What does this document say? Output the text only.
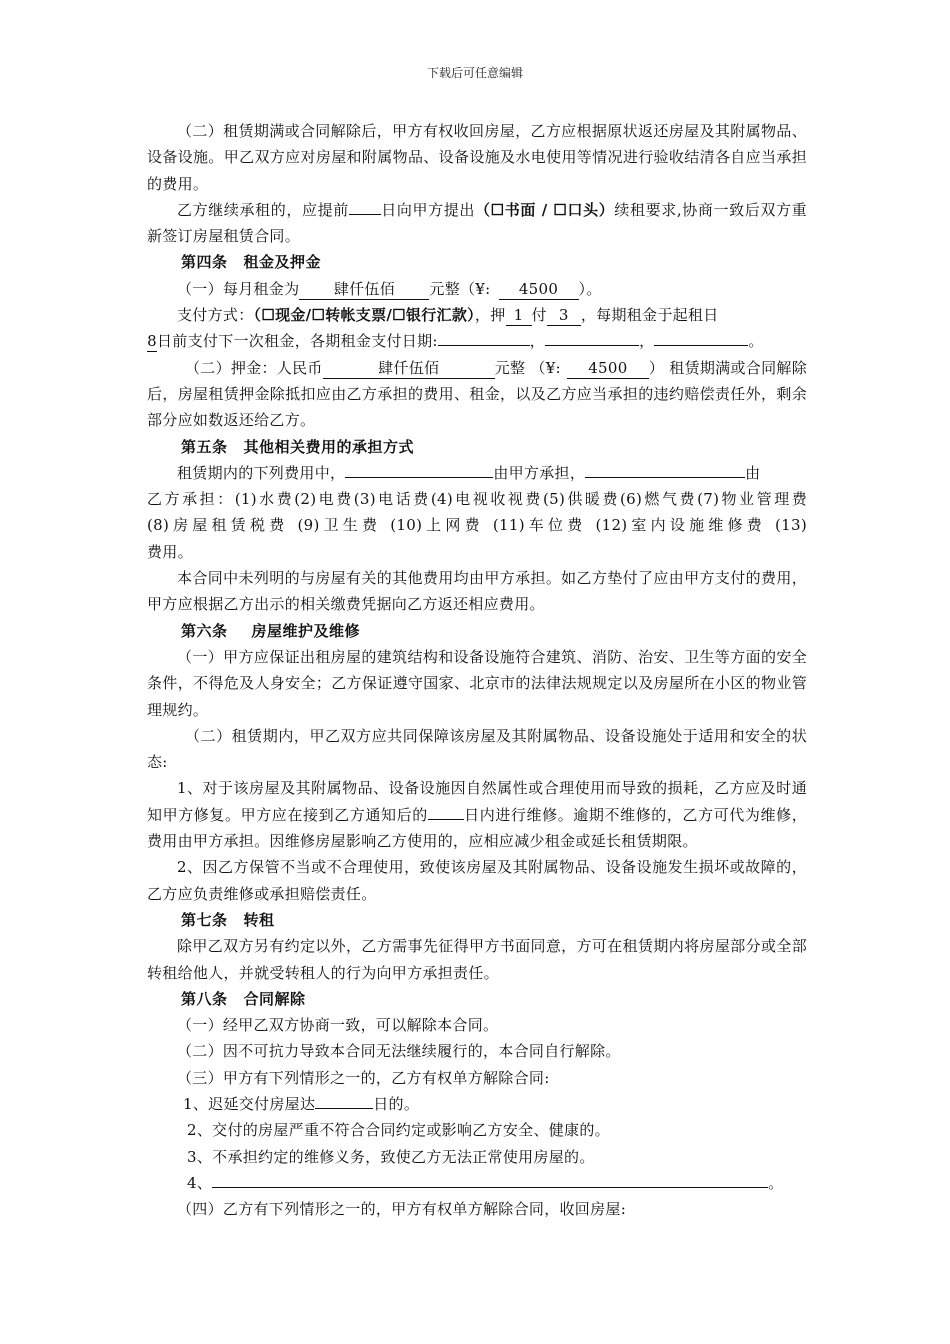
下载后可任意编辑

（二）租赁期满或合同解除后，甲方有权收回房屋，乙方应根据原状返还房屋及其附属物品、设备设施。甲乙双方应对房屋和附属物品、设备设施及水电使用等情况进行验收结清各自应当承担的费用。

乙方继续承租的，应提前 日向甲方提出（☐书面 / ☐口头）续租要求,协商一致后双方重新签订房屋租赁合同。

第四条 租金及押金

（一）每月租金为 肆仟伍佰 元整（¥: 4500 ）。

支付方式：（☐现金/☐转帐支票/☐银行汇款），押 1 付 3 ，每期租金于起租日
8日前支付下一次租金，各期租金支付日期:	，	，	。

（二）押金：人民币	肆仟伍佰	元整 （¥: 4500 ） 租赁期满或合同解除后，房屋租赁押金除抵扣应由乙方承担的费用、租金，以及乙方应当承担的违约赔偿责任外，剩余部分应如数返还给乙方。

第五条 其他相关费用的承担方式

租赁期内的下列费用中，	由甲方承担，	由

乙方承担：(1)水费(2)电费(3)电话费(4)电视收视费(5)供暖费(6)燃气费(7)物业管理费

(8)房屋租赁税费 (9)卫生费 (10)上网费 (11)车位费 (12)室内设施维修费 (13)

费用。

本合同中未列明的与房屋有关的其他费用均由甲方承担。如乙方垫付了应由甲方支付的费用，甲方应根据乙方出示的相关缴费凭据向乙方返还相应费用。

第六条 房屋维护及维修

（一）甲方应保证出租房屋的建筑结构和设备设施符合建筑、消防、治安、卫生等方面的安全条件，不得危及人身安全；乙方保证遵守国家、北京市的法律法规规定以及房屋所在小区的物业管理规约。

（二）租赁期内，甲乙双方应共同保障该房屋及其附属物品、设备设施处于适用和安全的状态:

1、对于该房屋及其附属物品、设备设施因自然属性或合理使用而导致的损耗，乙方应及时通知甲方修复。甲方应在接到乙方通知后的 日内进行维修。逾期不维修的，乙方可代为维修，费用由甲方承担。因维修房屋影响乙方使用的，应相应减少租金或延长租赁期限。

2、因乙方保管不当或不合理使用，致使该房屋及其附属物品、设备设施发生损坏或故障的，乙方应负责维修或承担赔偿责任。

第七条 转租

除甲乙双方另有约定以外，乙方需事先征得甲方书面同意，方可在租赁期内将房屋部分或全部转租给他人，并就受转租人的行为向甲方承担责任。

第八条 合同解除

（一）经甲乙双方协商一致，可以解除本合同。

（二）因不可抗力导致本合同无法继续履行的，本合同自行解除。

（三）甲方有下列情形之一的，乙方有权单方解除合同:

1、迟延交付房屋达	日的。

2、交付的房屋严重不符合合同约定或影响乙方安全、健康的。

3、不承担约定的维修义务，致使乙方无法正常使用房屋的。

4、	。

（四）乙方有下列情形之一的，甲方有权单方解除合同，收回房屋:
